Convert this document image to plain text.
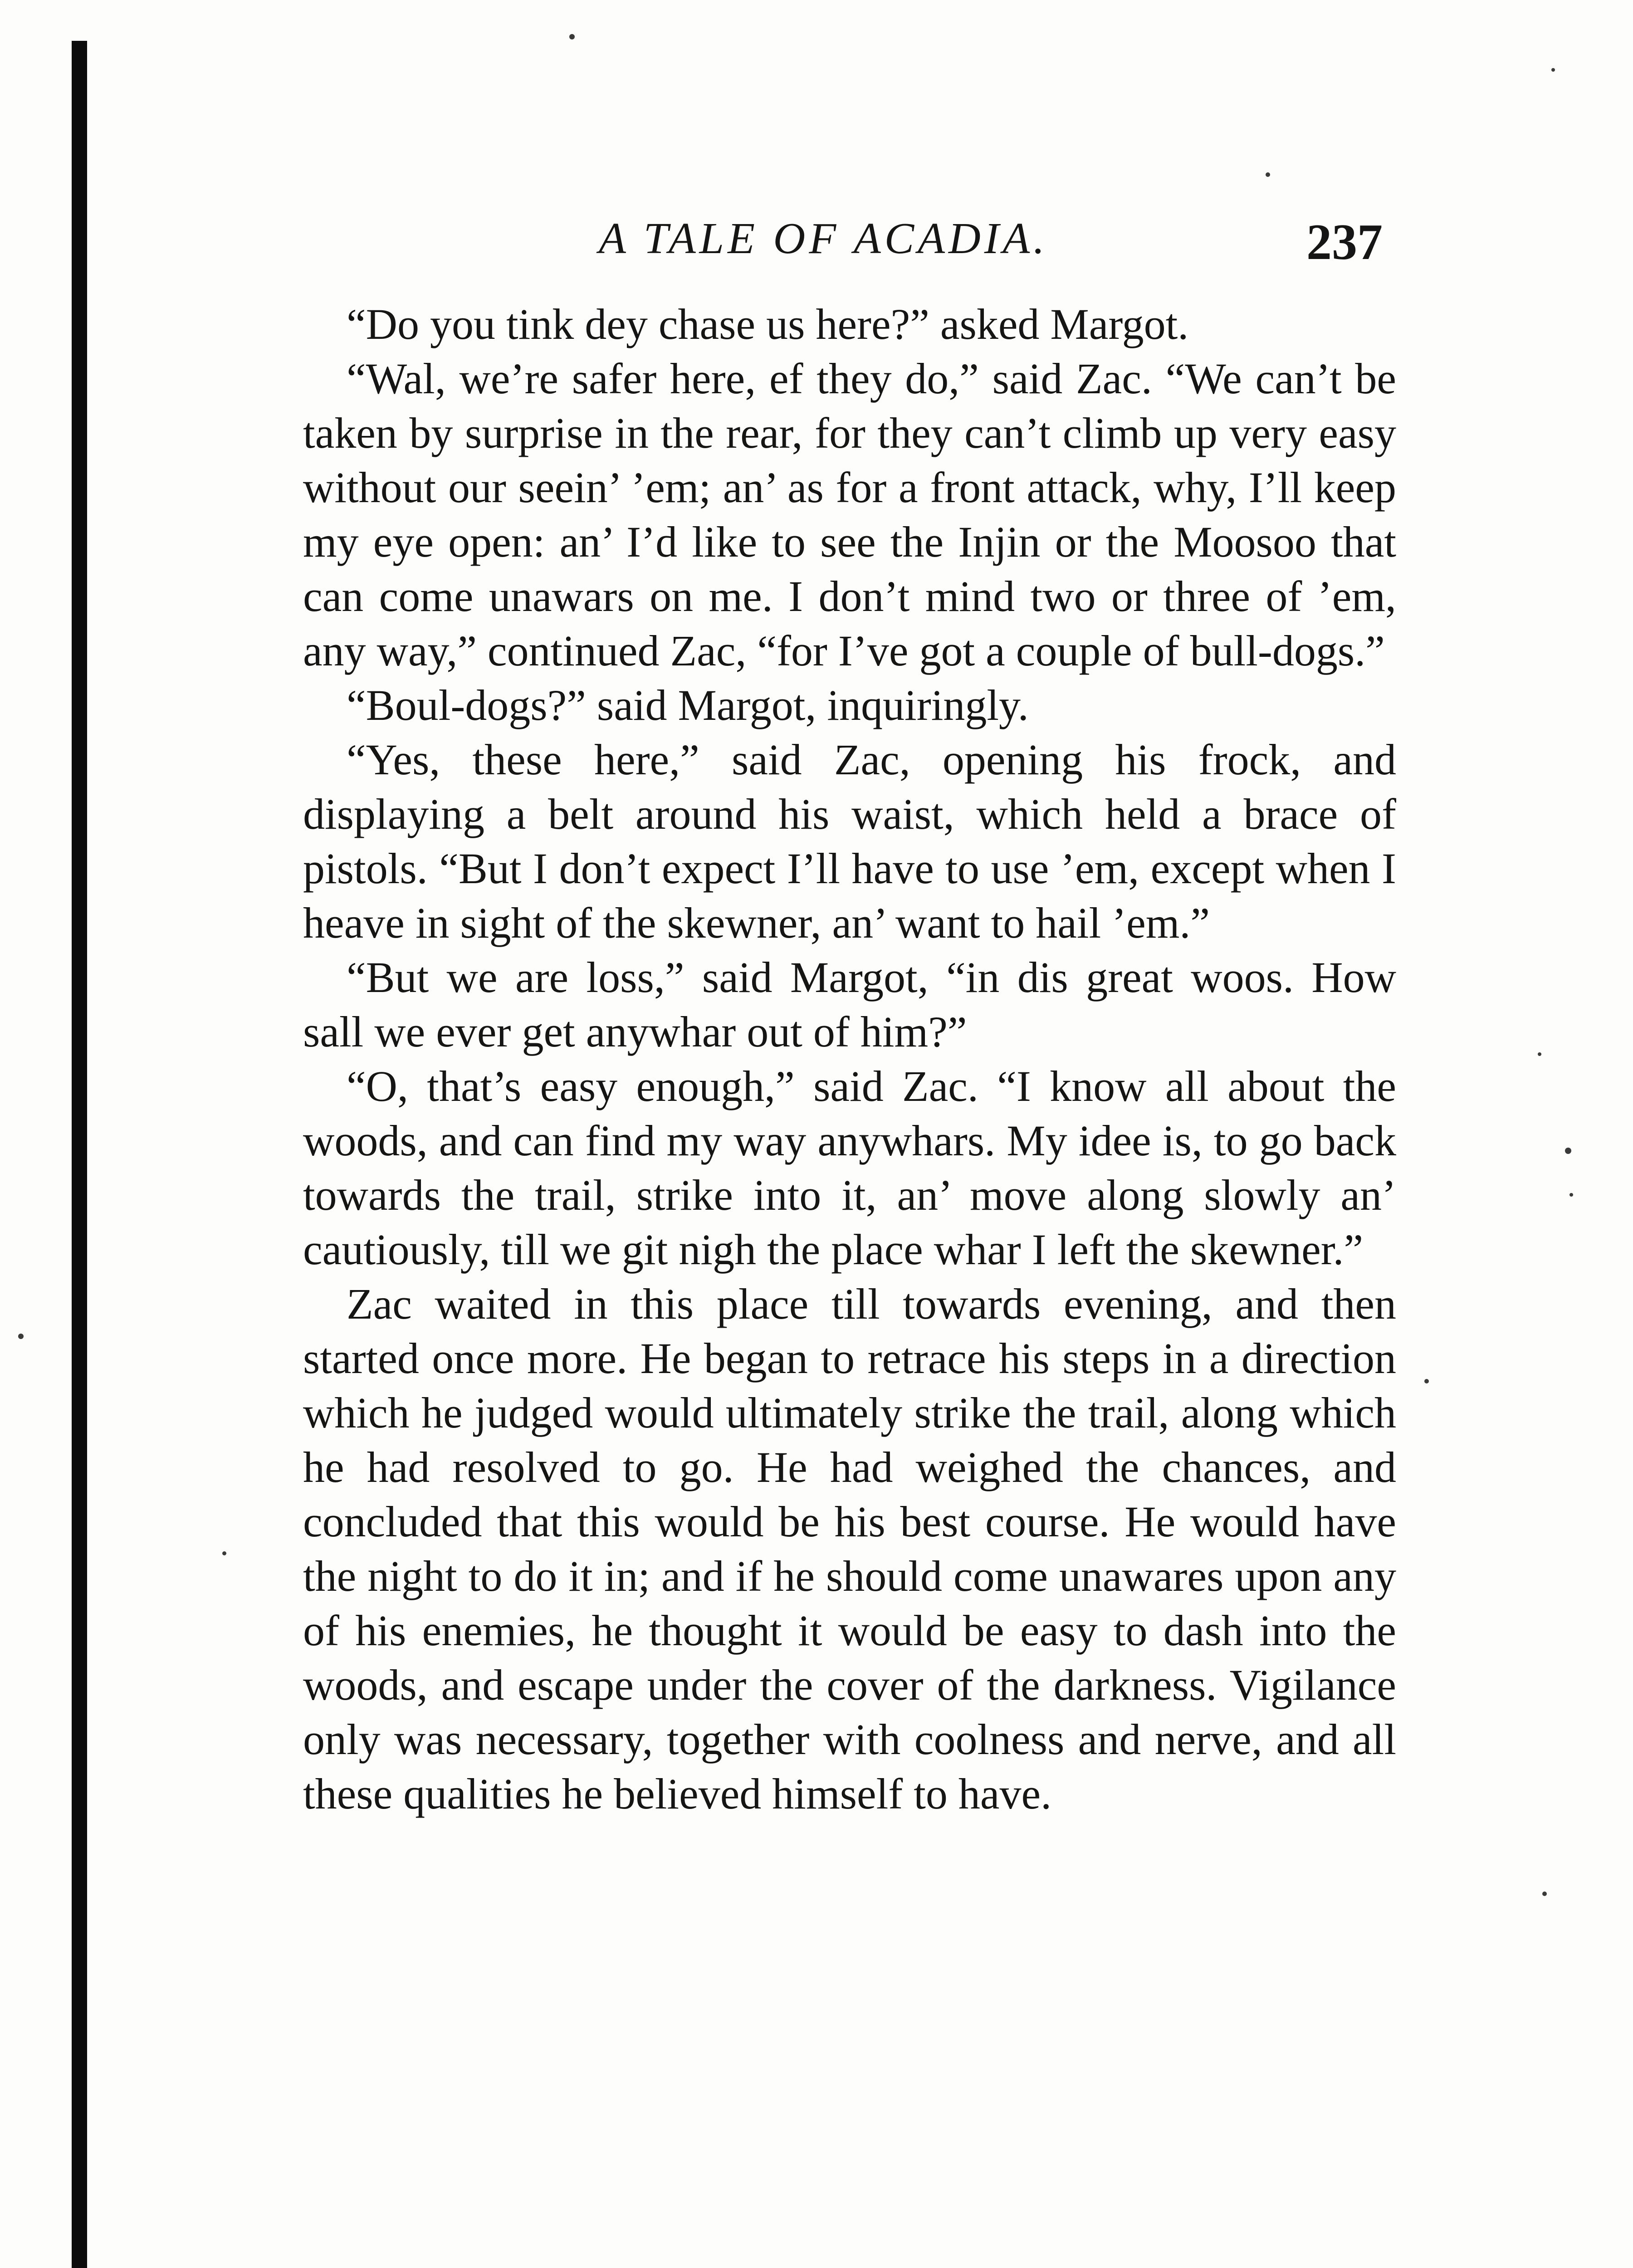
A TALE OF ACADIA.	237

“Do you tink dey chase us here?” asked Margot.

“Wal, we’re safer here, ef they do,” said Zac. “We can’t be taken by surprise in the rear, for they can’t climb up very easy without our seein’ ’em; an’ as for a front attack, why, I’ll keep my eye open: an’ I’d like to see the Injin or the Moosoo that can come unawars on me. I don’t mind two or three of ’em, any way,” continued Zac, “for I’ve got a couple of bull-dogs.”

“Boul-dogs?” said Margot, inquiringly.

“Yes, these here,” said Zac, opening his frock, and displaying a belt around his waist, which held a brace of pistols. “But I don’t expect I’ll have to use ’em, except when I heave in sight of the skewner, an’ want to hail ’em.”

“But we are loss,” said Margot, “in dis great woos. How sall we ever get anywhar out of him?”

“O, that’s easy enough,” said Zac. “I know all about the woods, and can find my way anywhars. My idee is, to go back towards the trail, strike into it, an’ move along slowly an’ cautiously, till we git nigh the place whar I left the skewner.”

Zac waited in this place till towards evening, and then started once more. He began to retrace his steps in a direction which he judged would ultimately strike the trail, along which he had resolved to go. He had weighed the chances, and concluded that this would be his best course. He would have the night to do it in; and if he should come unawares upon any of his enemies, he thought it would be easy to dash into the woods, and escape under the cover of the darkness. Vigilance only was necessary, together with coolness and nerve, and all these qualities he believed himself to have.
